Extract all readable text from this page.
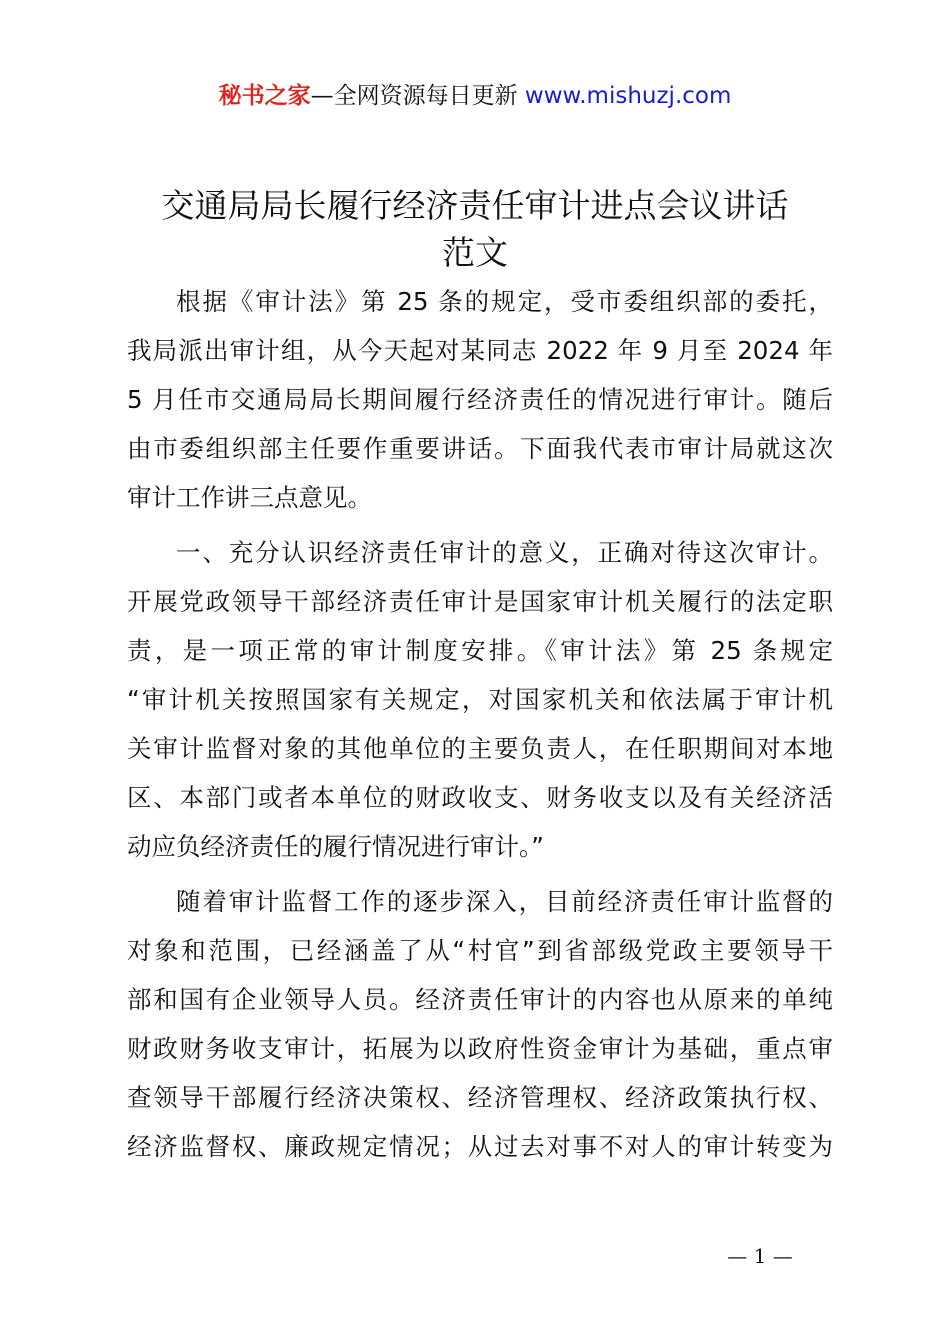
秘书之家—全网资源每日更新 www.mishuzj.com
交通局局长履行经济责任审计进点会议讲话
范文
根据《审计法》第 25 条的规定，受市委组织部的委托，
我局派出审计组，从今天起对某同志 2022 年 9 月至 2024 年
5 月任市交通局局长期间履行经济责任的情况进行审计。随后
由市委组织部主任要作重要讲话。下面我代表市审计局就这次
审计工作讲三点意见。
一、充分认识经济责任审计的意义，正确对待这次审计。
开展党政领导干部经济责任审计是国家审计机关履行的法定职
责，是一项正常的审计制度安排。《审计法》第 25 条规定
“审计机关按照国家有关规定，对国家机关和依法属于审计机
关审计监督对象的其他单位的主要负责人，在任职期间对本地
区、本部门或者本单位的财政收支、财务收支以及有关经济活
动应负经济责任的履行情况进行审计。”
随着审计监督工作的逐步深入，目前经济责任审计监督的
对象和范围，已经涵盖了从“村官”到省部级党政主要领导干
部和国有企业领导人员。经济责任审计的内容也从原来的单纯
财政财务收支审计，拓展为以政府性资金审计为基础，重点审
查领导干部履行经济决策权、经济管理权、经济政策执行权、
经济监督权、廉政规定情况；从过去对事不对人的审计转变为
— 1 —
